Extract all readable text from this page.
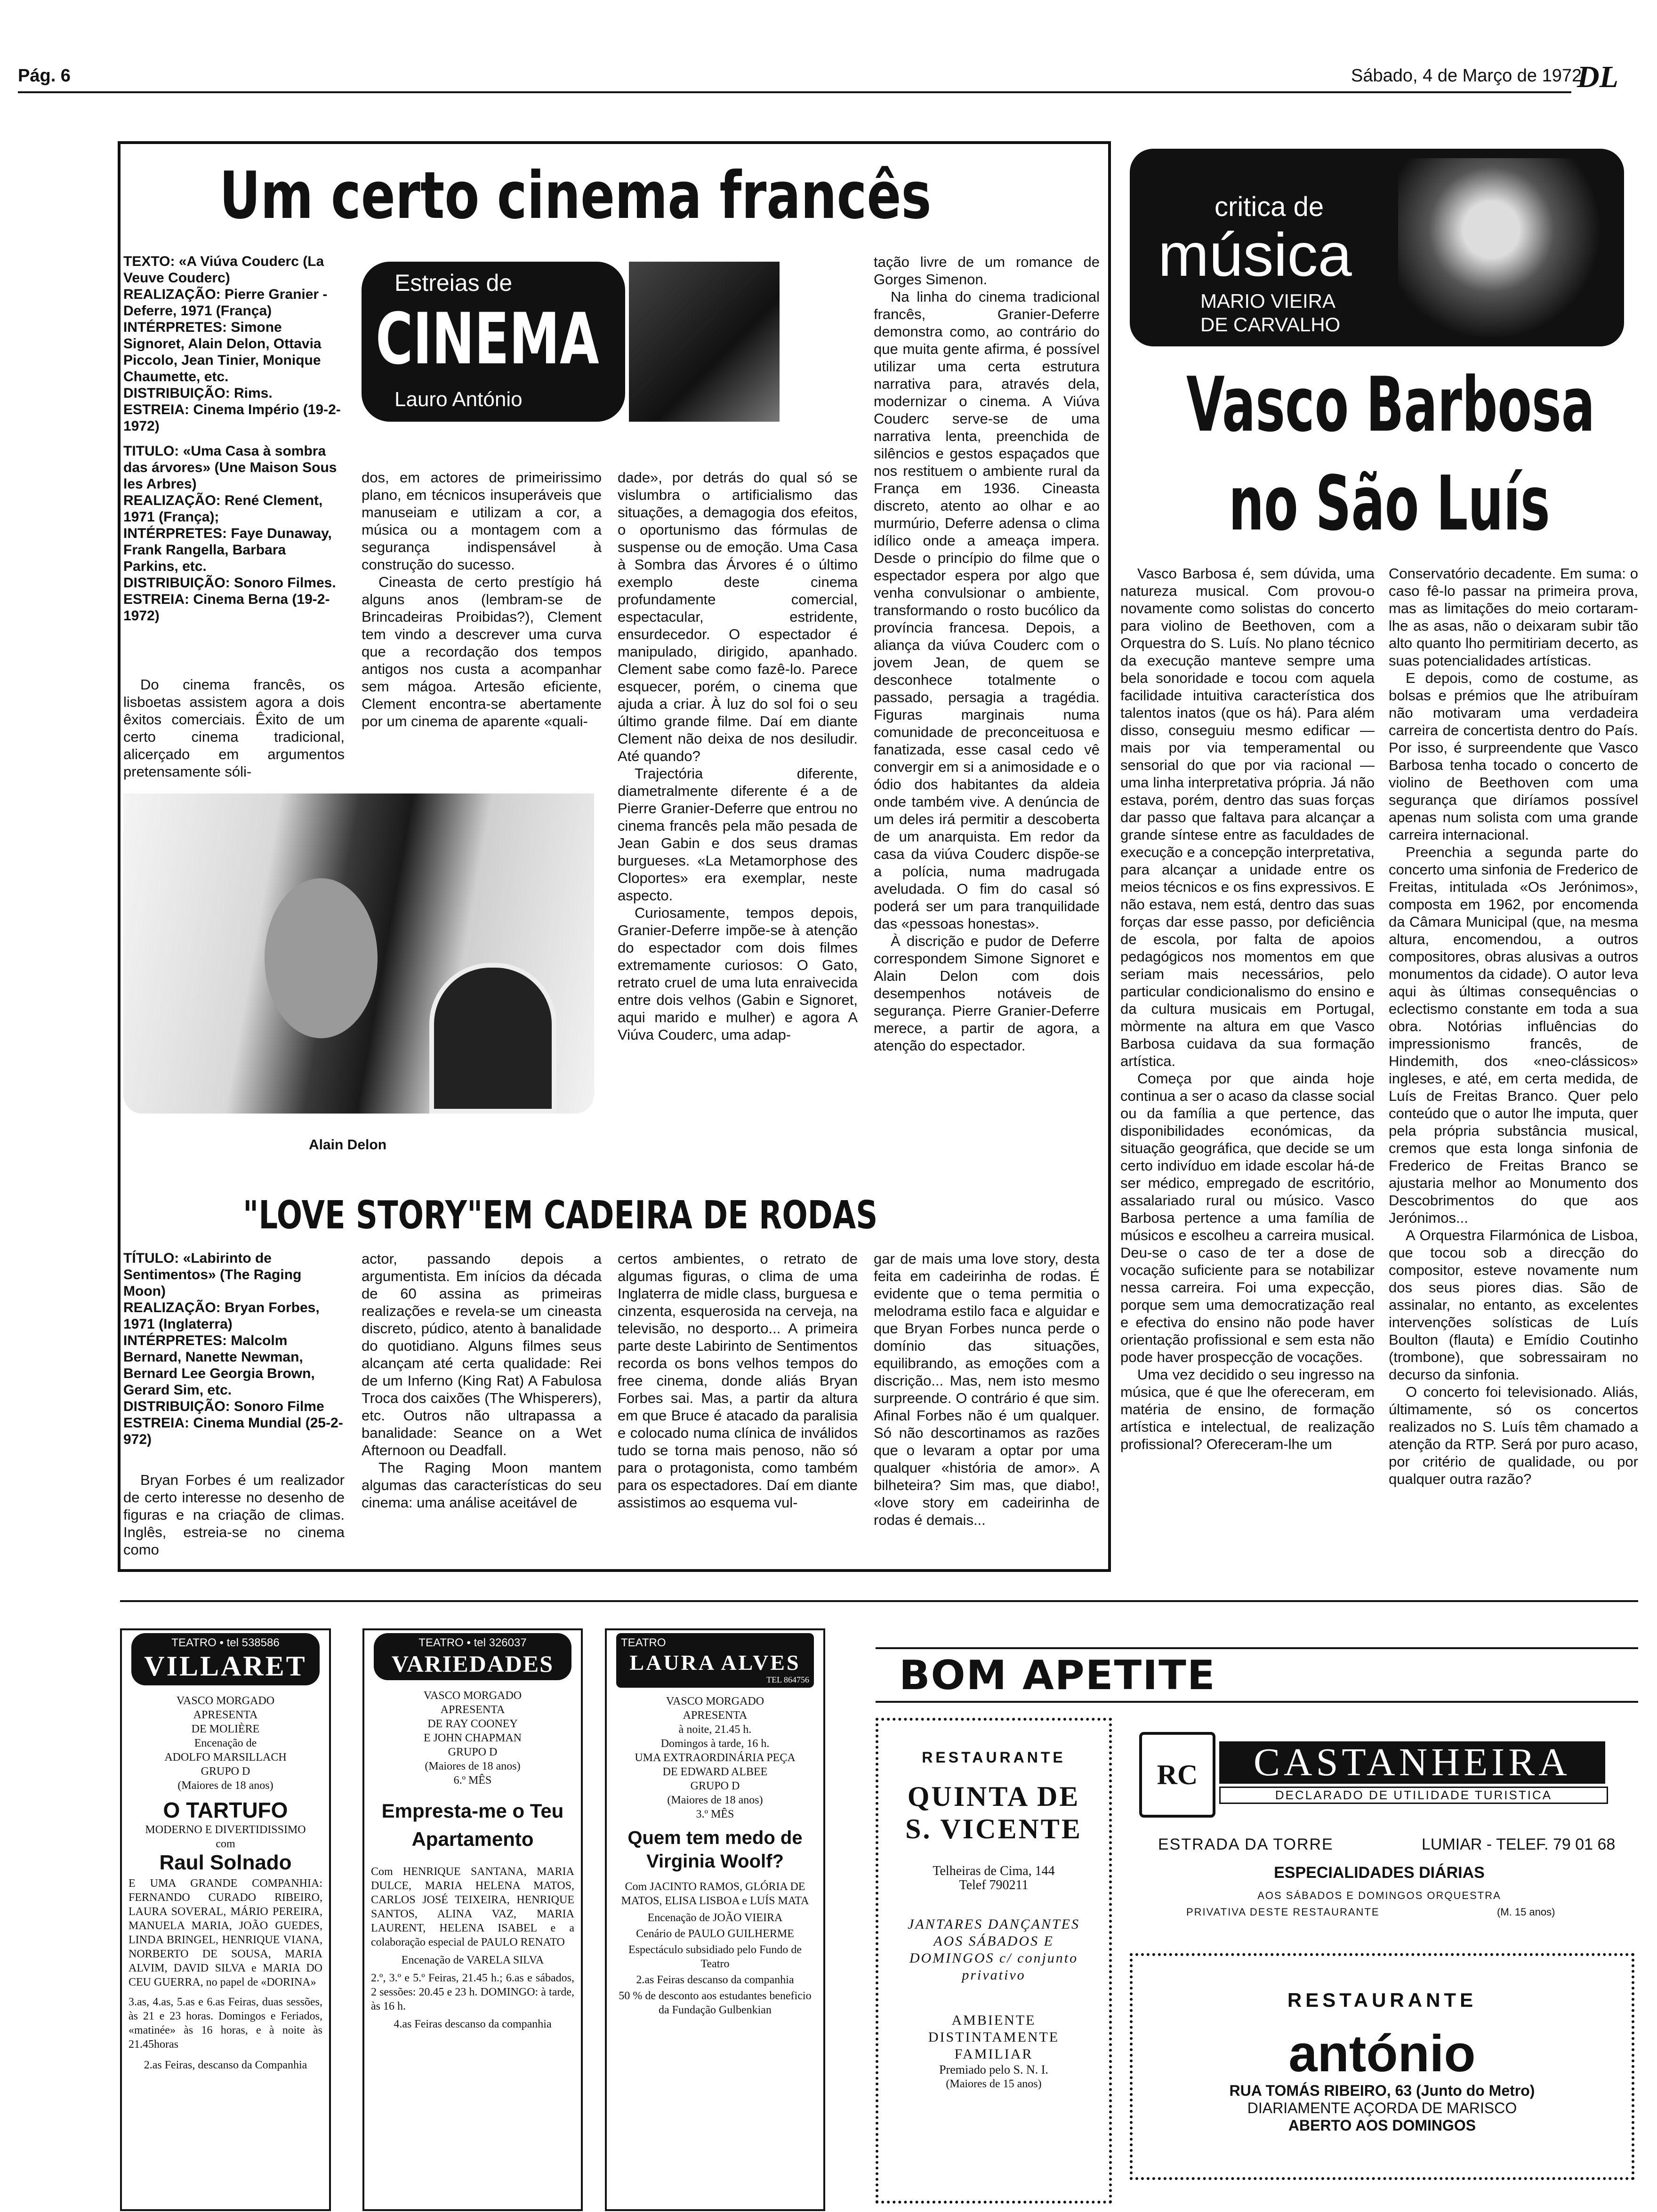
Pág. 6	Sábado, 4 de Março de 1972
DL
Um certo cinema francês
TEXTO: «A Viúva Couderc (La Veuve Couderc)
REALIZAÇÃO: Pierre Granier - Deferre, 1971 (França)
INTÉRPRETES: Simone Signoret, Alain Delon, Ottavia Piccolo, Jean Tinier, Monique Chaumette, etc.
DISTRIBUIÇÃO: Rims.
ESTREIA: Cinema Império (19-2-1972)
TITULO: «Uma Casa à sombra das árvores» (Une Maison Sous les Arbres)
REALIZAÇÃO: René Clement, 1971 (França);
INTÉRPRETES: Faye Dunaway, Frank Rangella, Barbara Parkins, etc.
DISTRIBUIÇÃO: Sonoro Filmes.
ESTREIA: Cinema Berna (19-2-1972)

Do cinema francês, os lisboetas assistem agora a dois êxitos comerciais. Êxito de um certo cinema tradicional, alicerçado em argumentos pretensamente sóli-

Estreias de
CINEMA
Lauro António

dos, em actores de primeirissimo plano, em técnicos insuperáveis que manuseiam e utilizam a cor, a música ou a montagem com a segurança indispensável à construção do sucesso.

Cineasta de certo prestígio há alguns anos (lembram-se de Brincadeiras Proibidas?), Clement tem vindo a descrever uma curva que a recordação dos tempos antigos nos custa a acompanhar sem mágoa. Artesão eficiente, Clement encontra-se abertamente por um cinema de aparente «quali-

dade», por detrás do qual só se vislumbra o artificialismo das situações, a demagogia dos efeitos, o oportunismo das fórmulas de suspense ou de emoção. Uma Casa à Sombra das Árvores é o último exemplo deste cinema profundamente comercial, espectacular, estridente, ensurdecedor. O espectador é manipulado, dirigido, apanhado. Clement sabe como fazê-lo. Parece esquecer, porém, o cinema que ajuda a criar. À luz do sol foi o seu último grande filme. Daí em diante Clement não deixa de nos desiludir. Até quando?

Trajectória diferente, diametralmente diferente é a de Pierre Granier-Deferre que entrou no cinema francês pela mão pesada de Jean Gabin e dos seus dramas burgueses. «La Metamorphose des Cloportes» era exemplar, neste aspecto.

Curiosamente, tempos depois, Granier-Deferre impõe-se à atenção do espectador com dois filmes extremamente curiosos: O Gato, retrato cruel de uma luta enraivecida entre dois velhos (Gabin e Signoret, aqui marido e mulher) e agora A Viúva Couderc, uma adap-

tação livre de um romance de Gorges Simenon.

Na linha do cinema tradicional francês, Granier-Deferre demonstra como, ao contrário do que muita gente afirma, é possível utilizar uma certa estrutura narrativa para, através dela, modernizar o cinema. A Viúva Couderc serve-se de uma narrativa lenta, preenchida de silêncios e gestos espaçados que nos restituem o ambiente rural da França em 1936. Cineasta discreto, atento ao olhar e ao murmúrio, Deferre adensa o clima idílico onde a ameaça impera. Desde o princípio do filme que o espectador espera por algo que venha convulsionar o ambiente, transformando o rosto bucólico da província francesa. Depois, a aliança da viúva Couderc com o jovem Jean, de quem se desconhece totalmente o passado, persagia a tragédia. Figuras marginais numa comunidade de preconceituosa e fanatizada, esse casal cedo vê convergir em si a animosidade e o ódio dos habitantes da aldeia onde também vive. A denúncia de um deles irá permitir a descoberta de um anarquista. Em redor da casa da viúva Couderc dispõe-se a polícia, numa madrugada aveludada. O fim do casal só poderá ser um para tranquilidade das «pessoas honestas».

À discrição e pudor de Deferre correspondem Simone Signoret e Alain Delon com dois desempenhos notáveis de segurança. Pierre Granier-Deferre merece, a partir de agora, a atenção do espectador.

Alain Delon
"LOVE STORY"EM CADEIRA DE RODAS
TÍTULO: «Labirinto de Sentimentos» (The Raging Moon)
REALIZAÇÃO: Bryan Forbes, 1971 (Inglaterra)
INTÉRPRETES: Malcolm Bernard, Nanette Newman, Bernard Lee Georgia Brown, Gerard Sim, etc.
DISTRIBUIÇÃO: Sonoro Filme
ESTREIA: Cinema Mundial (25-2- 972)

Bryan Forbes é um realizador de certo interesse no desenho de figuras e na criação de climas. Inglês, estreia-se no cinema como

actor, passando depois a argumentista. Em inícios da década de 60 assina as primeiras realizações e revela-se um cineasta discreto, púdico, atento à banalidade do quotidiano. Alguns filmes seus alcançam até certa qualidade: Rei de um Inferno (King Rat) A Fabulosa Troca dos caixões (The Whisperers), etc. Outros não ultrapassa a banalidade: Seance on a Wet Afternoon ou Deadfall.

The Raging Moon mantem algumas das características do seu cinema: uma análise aceitável de

certos ambientes, o retrato de algumas figuras, o clima de uma Inglaterra de midle class, burguesa e cinzenta, esquerosida na cerveja, na televisão, no desporto... A primeira parte deste Labirinto de Sentimentos recorda os bons velhos tempos do free cinema, donde aliás Bryan Forbes sai. Mas, a partir da altura em que Bruce é atacado da paralisia e colocado numa clínica de inválidos tudo se torna mais penoso, não só para o protagonista, como também para os espectadores. Daí em diante assistimos ao esquema vul-

gar de mais uma love story, desta feita em cadeirinha de rodas. É evidente que o tema permitia o melodrama estilo faca e alguidar e que Bryan Forbes nunca perde o domínio das situações, equilibrando, as emoções com a discrição... Mas, nem isto mesmo surpreende. O contrário é que sim. Afinal Forbes não é um qualquer. Só não descortinamos as razões que o levaram a optar por uma qualquer «história de amor». A bilheteira? Sim mas, que diabo!, «love story em cadeirinha de rodas é demais...

critica de
música
MARIO VIEIRA
DE CARVALHO
Vasco Barbosa
no São Luís

Vasco Barbosa é, sem dúvida, uma natureza musical. Com provou-o novamente como solistas do concerto para violino de Beethoven, com a Orquestra do S. Luís. No plano técnico da execução manteve sempre uma bela sonoridade e tocou com aquela facilidade intuitiva característica dos talentos inatos (que os há). Para além disso, conseguiu mesmo edificar — mais por via temperamental ou sensorial do que por via racional — uma linha interpretativa própria. Já não estava, porém, dentro das suas forças dar passo que faltava para alcançar a grande síntese entre as faculdades de execução e a concepção interpretativa, para alcançar a unidade entre os meios técnicos e os fins expressivos. E não estava, nem está, dentro das suas forças dar esse passo, por deficiência de escola, por falta de apoios pedagógicos nos momentos em que seriam mais necessários, pelo particular condicionalismo do ensino e da cultura musicais em Portugal, mòrmente na altura em que Vasco Barbosa cuidava da sua formação artística.

Começa por que ainda hoje continua a ser o acaso da classe social ou da família a que pertence, das disponibilidades económicas, da situação geográfica, que decide se um certo indivíduo em idade escolar há-de ser médico, empregado de escritório, assalariado rural ou músico. Vasco Barbosa pertence a uma família de músicos e escolheu a carreira musical. Deu-se o caso de ter a dose de vocação suficiente para se notabilizar nessa carreira. Foi uma expecção, porque sem uma democratização real e efectiva do ensino não pode haver orientação profissional e sem esta não pode haver prospecção de vocações.

Uma vez decidido o seu ingresso na música, que é que lhe ofereceram, em matéria de ensino, de formação artística e intelectual, de realização profissional? Ofereceram-lhe um

Conservatório decadente. Em suma: o caso fê-lo passar na primeira prova, mas as limitações do meio cortaram-lhe as asas, não o deixaram subir tão alto quanto lho permitiriam decerto, as suas potencialidades artísticas.

E depois, como de costume, as bolsas e prémios que lhe atribuíram não motivaram uma verdadeira carreira de concertista dentro do País. Por isso, é surpreendente que Vasco Barbosa tenha tocado o concerto de violino de Beethoven com uma segurança que diríamos possível apenas num solista com uma grande carreira internacional.

Preenchia a segunda parte do concerto uma sinfonia de Frederico de Freitas, intitulada «Os Jerónimos», composta em 1962, por encomenda da Câmara Municipal (que, na mesma altura, encomendou, a outros compositores, obras alusivas a outros monumentos da cidade). O autor leva aqui às últimas consequências o eclectismo constante em toda a sua obra. Notórias influências do impressionismo francês, de Hindemith, dos «neo-clássicos» ingleses, e até, em certa medida, de Luís de Freitas Branco. Quer pelo conteúdo que o autor lhe imputa, quer pela própria substância musical, cremos que esta longa sinfonia de Frederico de Freitas Branco se ajustaria melhor ao Monumento dos Descobrimentos do que aos Jerónimos...

A Orquestra Filarmónica de Lisboa, que tocou sob a direcção do compositor, esteve novamente num dos seus piores dias. São de assinalar, no entanto, as excelentes intervenções solísticas de Luís Boulton (flauta) e Emídio Coutinho (trombone), que sobressairam no decurso da sinfonia.

O concerto foi televisionado. Aliás, últimamente, só os concertos realizados no S. Luís têm chamado a atenção da RTP. Será por puro acaso, por critério de qualidade, ou por qualquer outra razão?

TEATRO • tel 538586
VILLARET
VASCO MORGADO
APRESENTA
DE MOLIÈRE
Encenação de
ADOLFO MARSILLACH
GRUPO D
(Maiores de 18 anos)
O TARTUFO
MODERNO E DIVERTIDISSIMO
com
Raul Solnado
E UMA GRANDE COMPANHIA: FERNANDO CURADO RIBEIRO, LAURA SOVERAL, MÁRIO PEREIRA, MANUELA MARIA, JOÃO GUEDES, LINDA BRINGEL, HENRIQUE VIANA, NORBERTO DE SOUSA, MARIA ALVIM, DAVID SILVA e MARIA DO CEU GUERRA, no papel de «DORINA»
3.as, 4.as, 5.as e 6.as Feiras, duas sessões, às 21 e 23 horas. Domingos e Feriados, «matinée» às 16 horas, e à noite às 21.45horas
2.as Feiras, descanso da Companhia
TEATRO • tel 326037
VARIEDADES
VASCO MORGADO
APRESENTA
DE RAY COONEY
E JOHN CHAPMAN
GRUPO D
(Maiores de 18 anos)
6.º MÊS
Empresta-me o Teu Apartamento
Com HENRIQUE SANTANA, MARIA DULCE, MARIA HELENA MATOS, CARLOS JOSÉ TEIXEIRA, HENRIQUE SANTOS, ALINA VAZ, MARIA LAURENT, HELENA ISABEL e a colaboração especial de PAULO RENATO
Encenação de VARELA SILVA
2.º, 3.º e 5.º Feiras, 21.45 h.; 6.as e sábados, 2 sessões: 20.45 e 23 h. DOMINGO: à tarde, às 16 h.
4.as Feiras descanso da companhia
TEATRO
LAURA ALVES
TEL 864756
VASCO MORGADO
APRESENTA
à noite, 21.45 h.
Domingos à tarde, 16 h.
UMA EXTRAORDINÁRIA PEÇA
DE EDWARD ALBEE
GRUPO D
(Maiores de 18 anos)
3.º MÊS
Quem tem medo de Virginia Woolf?
Com JACINTO RAMOS, GLÓRIA DE MATOS, ELISA LISBOA e LUÍS MATA
Encenação de JOÃO VIEIRA
Cenário de PAULO GUILHERME
Espectáculo subsidiado pelo Fundo de Teatro
2.as Feiras descanso da companhia
50 % de desconto aos estudantes beneficio da Fundação Gulbenkian
BOM APETITE
RESTAURANTE
QUINTA DE
S. VICENTE
Telheiras de Cima, 144
Telef 790211
JANTARES DANÇANTES AOS SÁBADOS E DOMINGOS c/ conjunto privativo
AMBIENTE DISTINTAMENTE FAMILIAR
Premiado pelo S. N. I.
(Maiores de 15 anos)
RC	CASTANHEIRA
DECLARADO DE UTILIDADE TURISTICA
ESTRADA DA TORRE	LUMIAR - TELEF. 79 01 68
ESPECIALIDADES DIÁRIAS
AOS SÁBADOS E DOMINGOS ORQUESTRA
PRIVATIVA DESTE RESTAURANTE	(M. 15 anos)
RESTAURANTE
antónio
RUA TOMÁS RIBEIRO, 63 (Junto do Metro)
DIARIAMENTE AÇORDA DE MARISCO
ABERTO AOS DOMINGOS
